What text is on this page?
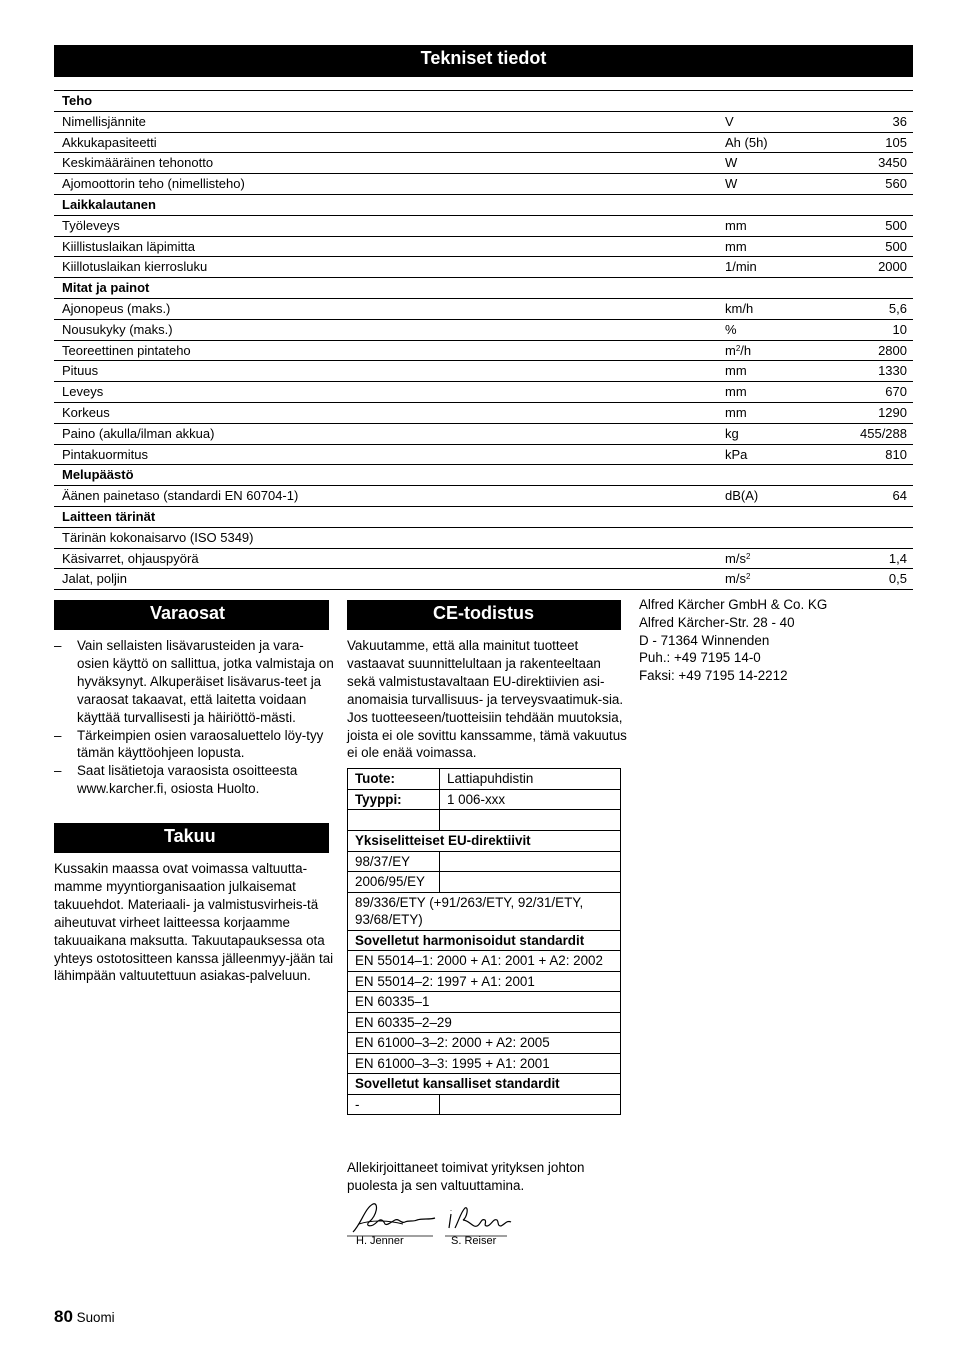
Tekniset tiedot
Teho
Nimellisjännite	V	36
Akkukapasiteetti	Ah (5h)	105
Keskimääräinen tehonotto	W	3450
Ajomoottorin teho (nimellisteho)	W	560
Laikkalautanen
Työleveys	mm	500
Kiillistuslaikan läpimitta	mm	500
Kiillotuslaikan kierrosluku	1/min	2000
Mitat ja painot
Ajonopeus (maks.)	km/h	5,6
Nousukyky (maks.)	%	10
Teoreettinen pintateho	$m^2/h$	2800
Pituus	mm	1330
Leveys	mm	670
Korkeus	mm	1290
Paino (akulla/ilman akkua)	kg	455/288
Pintakuormitus	kPa	810
Melupäästö
Äänen painetaso (standardi EN 60704-1)	dB(A)	64
Laitteen tärinät
Tärinän kokonaisarvo (ISO 5349)
Käsivarret, ohjauspyörä	$m/s^2$	1,4
Jalat, poljin	$m/s^2$	0,5
Varaosat
– Vain sellaisten lisävarusteiden ja vara-osien käyttö on sallittua, jotka valmistaja on hyväksynyt. Alkuperäiset lisävarus-teet ja varaosat takaavat, että laitetta voidaan käyttää turvallisesti ja häiriöttö-mästi.
– Tärkeimpien osien varaosaluettelo löy-tyy tämän käyttöohjeen lopusta.
– Saat lisätietoja varaosista osoitteesta www.karcher.fi, osiosta Huolto.
Takuu

Kussakin maassa ovat voimassa valtuutta-mamme myyntiorganisaation julkaisemat takuuehdot. Materiaali- ja valmistusvirheis-tä aiheutuvat virheet laitteessa korjaamme takuuaikana maksutta. Takuutapauksessa ota yhteys ostotositteen kanssa jälleenmyy-jään tai lähimpään valtuutettuun asiakas-palveluun.

CE-todistus

Vakuutamme, että alla mainitut tuotteet vastaavat suunnittelultaan ja rakenteeltaan sekä valmistustavaltaan EU-direktiivien asi-anomaisia turvallisuus- ja terveysvaatimuk-sia. Jos tuotteeseen/tuotteisiin tehdään muutoksia, joista ei ole sovittu kanssamme, tämä vakuutus ei ole enää voimassa.

Tuote:	Lattiapuhdistin
Tyyppi:	1 006-xxx

Yksiselitteiset EU-direktiivit	
98/37/EY	
2006/95/EY	
89/336/ETY (+91/263/ETY, 92/31/ETY, 93/68/ETY)	
Sovelletut harmonisoidut standardit	
EN 55014–1: 2000 + A1: 2001 + A2: 2002	
EN 55014–2: 1997 + A1: 2001	
EN 60335–1	
EN 60335–2–29	
EN 61000–3–2: 2000 + A2: 2005	
EN 61000–3–3: 1995 + A1: 2001	
Sovelletut kansalliset standardit	
-	

Allekirjoittaneet toimivat yrityksen johton puolesta ja sen valtuuttamina.

H. Jenner	S. Reiser
Alfred Kärcher GmbH & Co. KG
Alfred Kärcher-Str. 28 - 40
D - 71364 Winnenden
Puh.: +49 7195 14-0
Faksi: +49 7195 14-2212
80 Suomi
